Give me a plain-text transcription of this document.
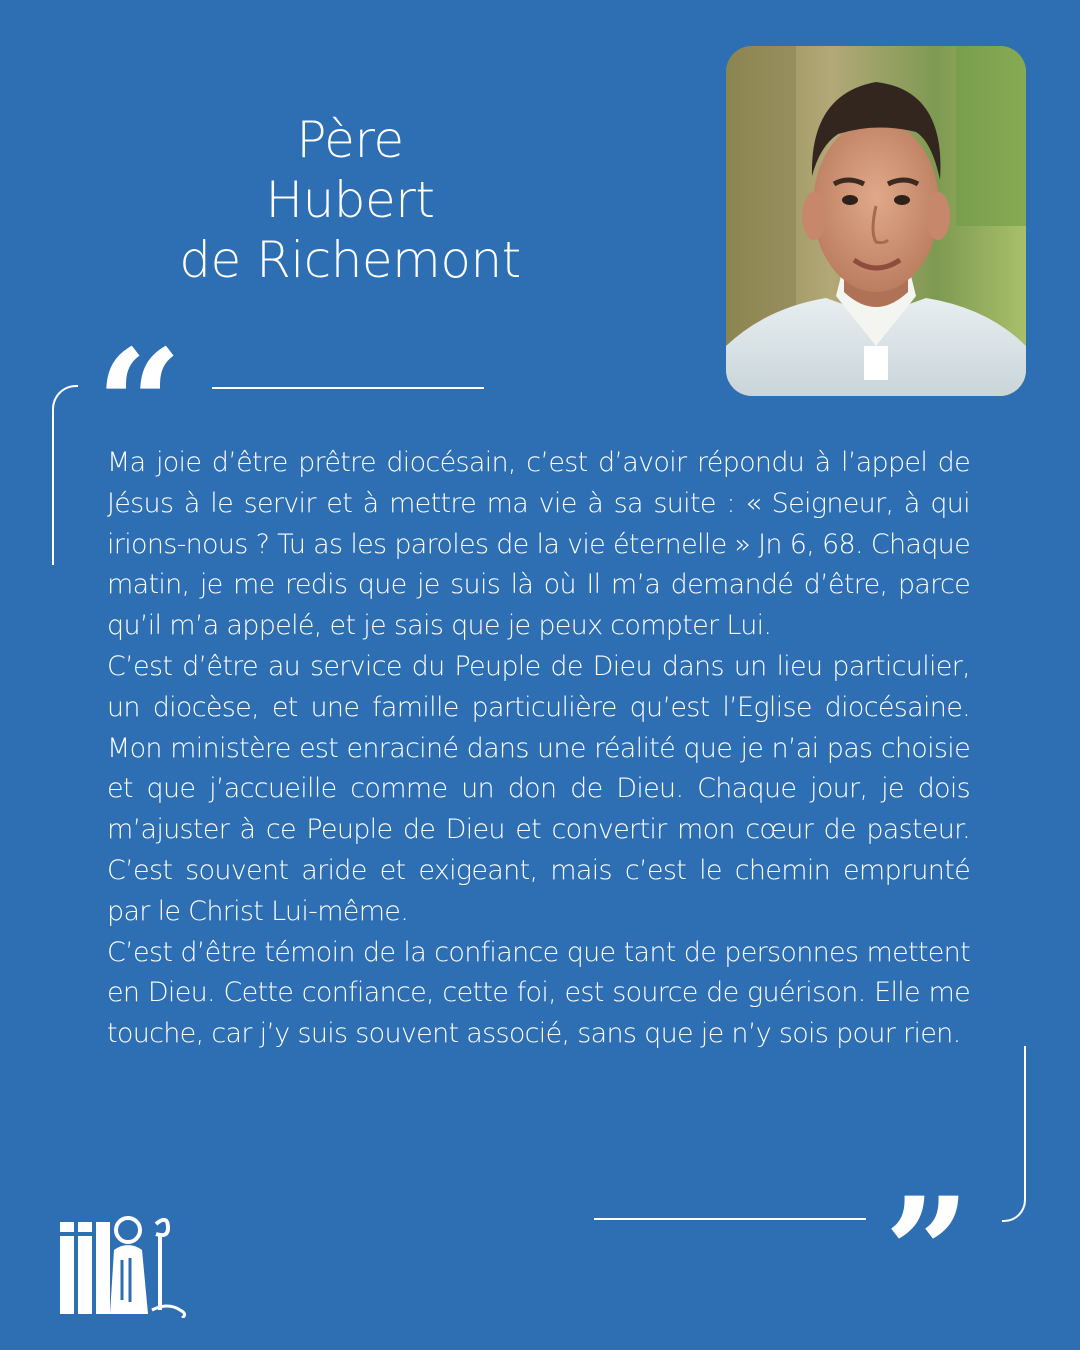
Père
Hubert
de Richemont
“

Ma joie d’être prêtre diocésain, c’est d’avoir répondu à l’appel de Jésus à le servir et à mettre ma vie à sa suite : « Seigneur, à qui irions-nous ? Tu as les paroles de la vie éternelle » Jn 6, 68. Chaque matin, je me redis que je suis là où Il m’a demandé d’être, parce qu’il m’a appelé, et je sais que je peux compter Lui.

C’est d’être au service du Peuple de Dieu dans un lieu particulier, un diocèse, et une famille particulière qu’est l’Eglise diocésaine. Mon ministère est enraciné dans une réalité que je n’ai pas choisie et que j’accueille comme un don de Dieu. Chaque jour, je dois m’ajuster à ce Peuple de Dieu et convertir mon cœur de pasteur. C’est souvent aride et exigeant, mais c’est le chemin emprunté par le Christ Lui-même.

C’est d’être témoin de la confiance que tant de personnes mettent en Dieu. Cette confiance, cette foi, est source de guérison. Elle me touche, car j’y suis souvent associé, sans que je n’y sois pour rien.

”
